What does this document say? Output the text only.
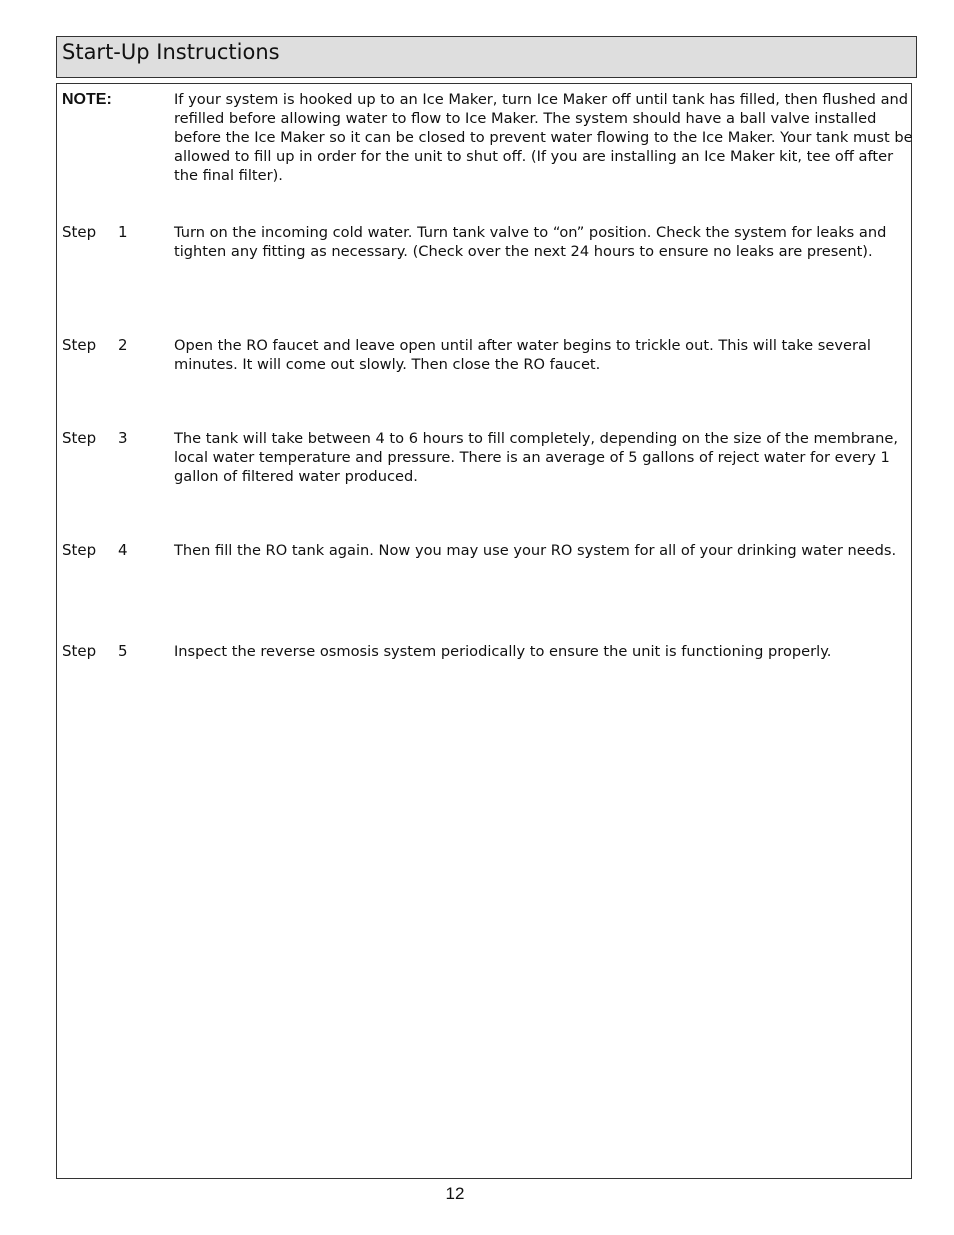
Start-Up Instructions
NOTE:	If your system is hooked up to an Ice Maker, turn Ice Maker off until tank has filled, then flushed and refilled before allowing water to flow to Ice Maker. The system should have a ball valve installed before the Ice Maker so it can be closed to prevent water flowing to the Ice Maker. Your tank must be allowed to fill up in order for the unit to shut off. (If you are installing an Ice Maker kit, tee off after the final filter).
Step 1	Turn on the incoming cold water. Turn tank valve to “on” position. Check the system for leaks and tighten any fitting as necessary. (Check over the next 24 hours to ensure no leaks are present).
Step 2	Open the RO faucet and leave open until after water begins to trickle out. This will take several minutes. It will come out slowly. Then close the RO faucet.
Step 3	The tank will take between 4 to 6 hours to fill completely, depending on the size of the membrane, local water temperature and pressure. There is an average of 5 gallons of reject water for every 1 gallon of filtered water produced.
Step 4	Then fill the RO tank again. Now you may use your RO system for all of your drinking water needs.
Step 5	Inspect the reverse osmosis system periodically to ensure the unit is functioning properly.
12
